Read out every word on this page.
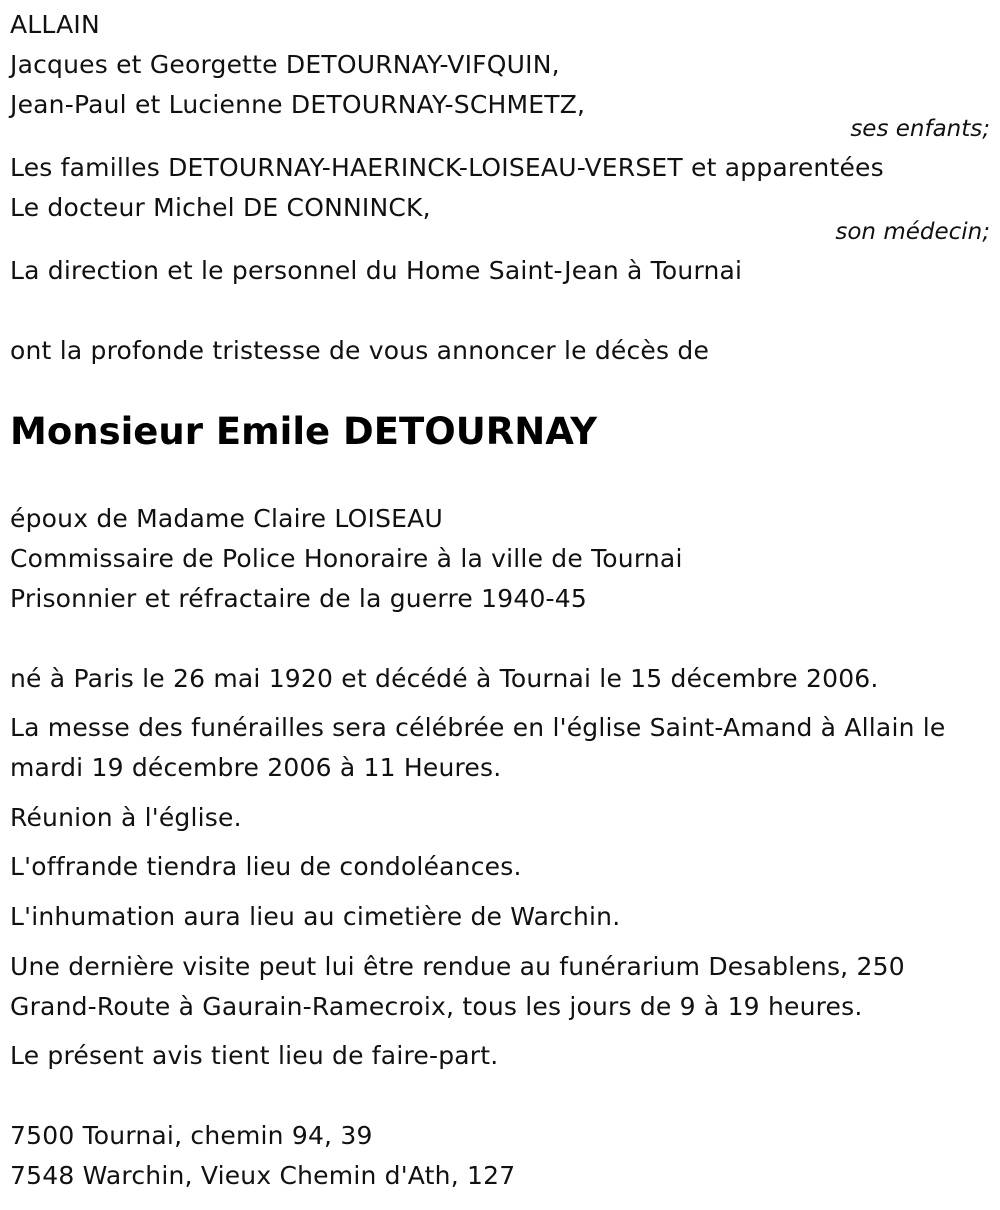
ALLAIN
Jacques et Georgette DETOURNAY-VIFQUIN,
Jean-Paul et Lucienne DETOURNAY-SCHMETZ,
ses enfants;
Les familles DETOURNAY-HAERINCK-LOISEAU-VERSET et apparentées
Le docteur Michel DE CONNINCK,
son médecin;
La direction et le personnel du Home Saint-Jean à Tournai
ont la profonde tristesse de vous annoncer le décès de
Monsieur Emile DETOURNAY
époux de Madame Claire LOISEAU
Commissaire de Police Honoraire à la ville de Tournai
Prisonnier et réfractaire de la guerre 1940-45
né à Paris le 26 mai 1920 et décédé à Tournai le 15 décembre 2006.
La messe des funérailles sera célébrée en l'église Saint-Amand à Allain le mardi 19 décembre 2006 à 11 Heures.
Réunion à l'église.
L'offrande tiendra lieu de condoléances.
L'inhumation aura lieu au cimetière de Warchin.
Une dernière visite peut lui être rendue au funérarium Desablens, 250 Grand-Route à Gaurain-Ramecroix, tous les jours de 9 à 19 heures.
Le présent avis tient lieu de faire-part.
7500 Tournai, chemin 94, 39
7548 Warchin, Vieux Chemin d'Ath, 127
